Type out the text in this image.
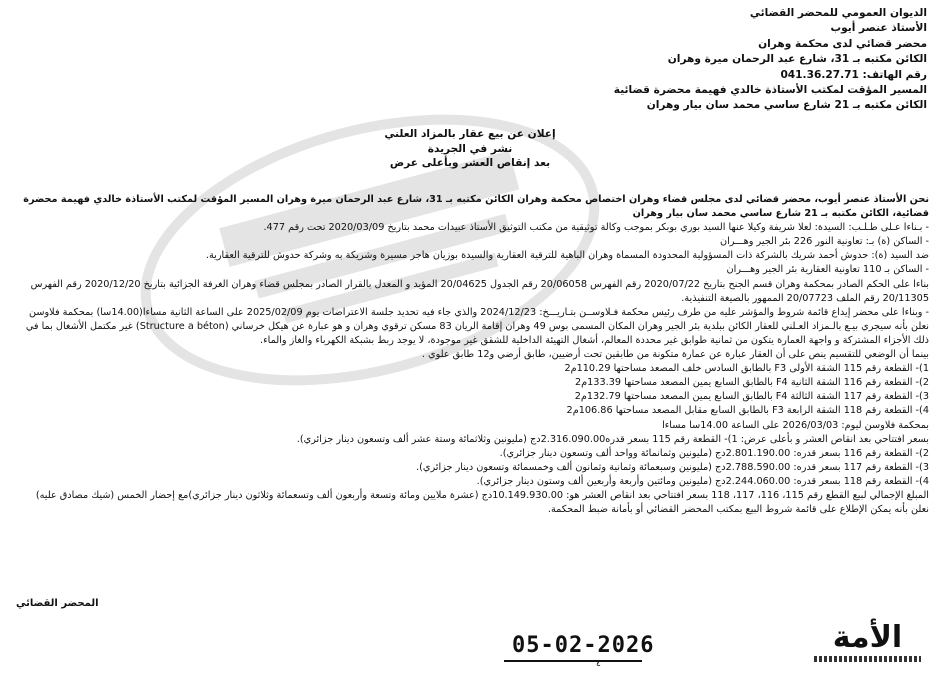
الديوان العمومي للمحضر القضائي
الأستاذ عنصر أيوب
محضر قضائي لدى محكمة وهران
الكائن مكتبه بـ 31، شارع عبد الرحمان ميرة وهران
رقم الهاتف: 041.36.27.71
المسير المؤقت لمكتب الأستاذة خالدي فهيمة محضرة قضائية
الكائن مكتبه بـ 21 شارع ساسي محمد سان بيار وهران
إعلان عن بيع عقار بالمزاد العلني
نشر في الجريدة
بعد إنقاص العشر وبأعلى عرض

نحن الأستاذ عنصر أيوب، محضر قضائي لدى مجلس قضاء وهران اختصاص محكمة وهران الكائن مكتبه بـ 31، شارع عبد الرحمان ميرة وهران المسير المؤقت لمكتب الأستاذة خالدي فهيمة محضرة قضائية، الكائن مكتبه بـ 21 شارع ساسي محمد سان بيار وهران

- بـناءا عـلى طـلـب: السيدة: لعلا شريفة وكيلا عنها السيد بوري بوبكر بموجب وكالة توثيقية من مكتب التوثيق الأستاذ عبيدات محمد بتاريخ 2020/03/09 تحت رقم 477.

- الساكن (ة) بـ: تعاونية النور 226 بئر الجير وهـــران

ضد السيد (ة): حدوش أحمد شريك بالشركة ذات المسؤولية المحدودة المسماة وهران الباهية للترقية العقارية والسيدة بوزيان هاجر مسيرة وشريكة به وشركة حدوش للترقية العقارية.

- الساكن بـ 110 تعاونية العقارية بئر الجير وهـــران

بناءا على الحكم الصادر بمحكمة وهران قسم الجنح بتاريخ 2020/07/22 رقم الفهرس 20/06058 رقم الجدول 20/04625 المؤيد و المعدل بالقرار الصادر بمجلس قضاء وهران الغرفة الجزائية بتاريخ 2020/12/20 رقم الفهرس 20/11305 رقم الملف 20/07723 الممهور بالصيغة التنفيذية.

- وبناءا على محضر إيداع قائمة شروط والمؤشر عليه من طرف رئيس محكمة فـلاوســن بتـاريـــخ: 2024/12/23 والذي جاء فيه تحديد جلسة الاعتراضات يوم 2025/02/09 على الساعة الثانية مساءا(14.00سا) بمحكمة فلاوسن

نعلن بأنه سيجري بيـع بالـمزاد العـلني للعقار الكائن ببلدية بئر الجير وهران المكان المسمى بوس 49 وهران إقامة الريان 83 مسكن ترقوي وهران و هو عبارة عن هيكل خرساني (Structure a béton) غير مكتمل الأشغال بما في ذلك الأجزاء المشتركة و واجهة العمارة يتكون من ثمانية طوابق غير محددة المعالم، أشغال التهيئة الداخلية للشقق غير موجودة، لا يوجد ربط بشبكة الكهرباء والغاز والماء.

بينما أن الوضعي للتقسيم ينص على أن العقار عبارة عن عمارة متكونة من طابقين تحت أرضيين، طابق أرضي و12 طابق علوي .

1)- القطعة رقم 115 الشقة الأولى F3 بالطابق السادس خلف المصعد مساحتها 110.29م2

2)- القطعة رقم 116 الشقة الثانية F4 بالطابق السابع يمين المصعد مساحتها 133.39م2

3)- القطعة رقم 117 الشقة الثالثة F4 بالطابق السابع يمين المصعد مساحتها 132.79م2

4)- القطعة رقم 118 الشقة الرابعة F3 بالطابق السابع مقابل المصعد مساحتها 106.86م2

بمحكمة فلاوسن ليوم: 2026/03/03 على الساعة 14.00سا مساءا

بسعر افتتاحي بعد انقاص العشر و بأعلى عرض: 1)- القطعة رقم 115 بسعر قدره2.316.090.00دج (مليونين وثلاثمائة وستة عشر ألف وتسعون دينار جزائري).

2)- القطعة رقم 116 بسعر قدره: 2.801.190.00دج (مليونين وثمانمائة وواحد ألف وتسعون دينار جزائري).

3)- القطعة رقم 117 بسعر قدره: 2.788.590.00دج (مليونين وسبعمائة وثمانية وثمانون ألف وخمسمائة وتسعون دينار جزائري).

4)- القطعة رقم 118 بسعر قدره: 2.244.060.00دج (مليونين ومائتين وأربعة وأربعين ألف وستون دينار جزائري).

المبلغ الإجمالي لبيع القطع رقم 115، 116، 117، 118 بسعر افتتاحي بعد انقاص العشر هو: 10.149.930.00دج (عشرة ملايين ومائة وتسعة وأربعون ألف وتسعمائة وثلاثون دينار جزائري)مع إحضار الخمس (شيك مصادق عليه)

نعلن بأنه يمكن الإطلاع على قائمة شروط البيع بمكتب المحضر القضائي أو بأمانة ضبط المحكمة.

المحضر القضائي
05-02-2026	الأمة
٤
